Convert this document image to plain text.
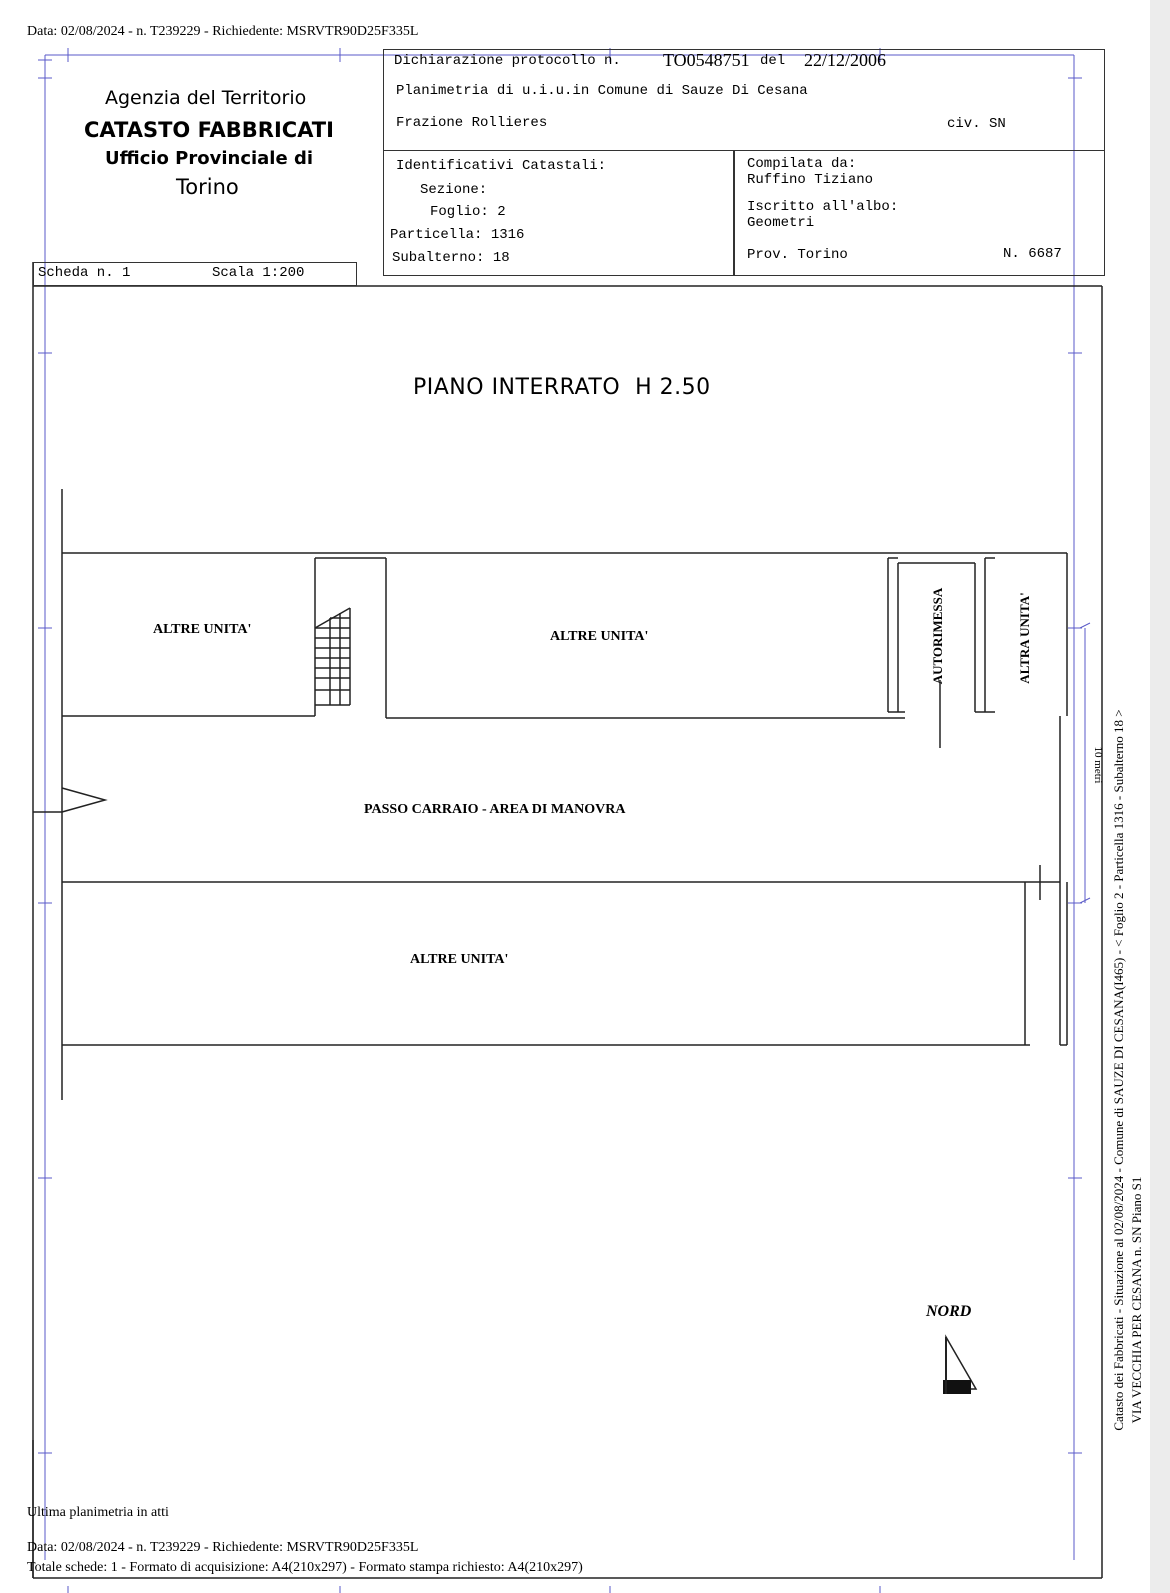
Data: 02/08/2024 - n. T239229 - Richiedente: MSRVTR90D25F335L
Agenzia del Territorio
CATASTO FABBRICATI
Ufficio Provinciale di
Torino
Dichiarazione protocollo n. TO0548751 del 22/12/2006
Planimetria di u.i.u.in Comune di Sauze Di Cesana
Frazione Rollieres	civ. SN
Identificativi Catastali:
Sezione:
Foglio: 2
Particella: 1316
Subalterno: 18
Compilata da:
Ruffino Tiziano
Iscritto all'albo:
Geometri
Prov. Torino	N. 6687
Scheda n. 1	Scala 1:200
PIANO INTERRATO  H 2.50
ALTRE UNITA'	ALTRE UNITA'	AUTORIMESSA	ALTRA UNITA'
PASSO CARRAIO - AREA DI MANOVRA
ALTRE UNITA'
10 metri
NORD	Catasto dei Fabbricati - Situazione al 02/08/2024 - Comune di SAUZE DI CESANA(I465) - < Foglio 2 - Particella 1316 - Subalterno 18 > VIA VECCHIA PER CESANA n. SN Piano S1
Ultima planimetria in atti
Data: 02/08/2024 - n. T239229 - Richiedente: MSRVTR90D25F335L
Totale schede: 1 - Formato di acquisizione: A4(210x297) - Formato stampa richiesto: A4(210x297)
